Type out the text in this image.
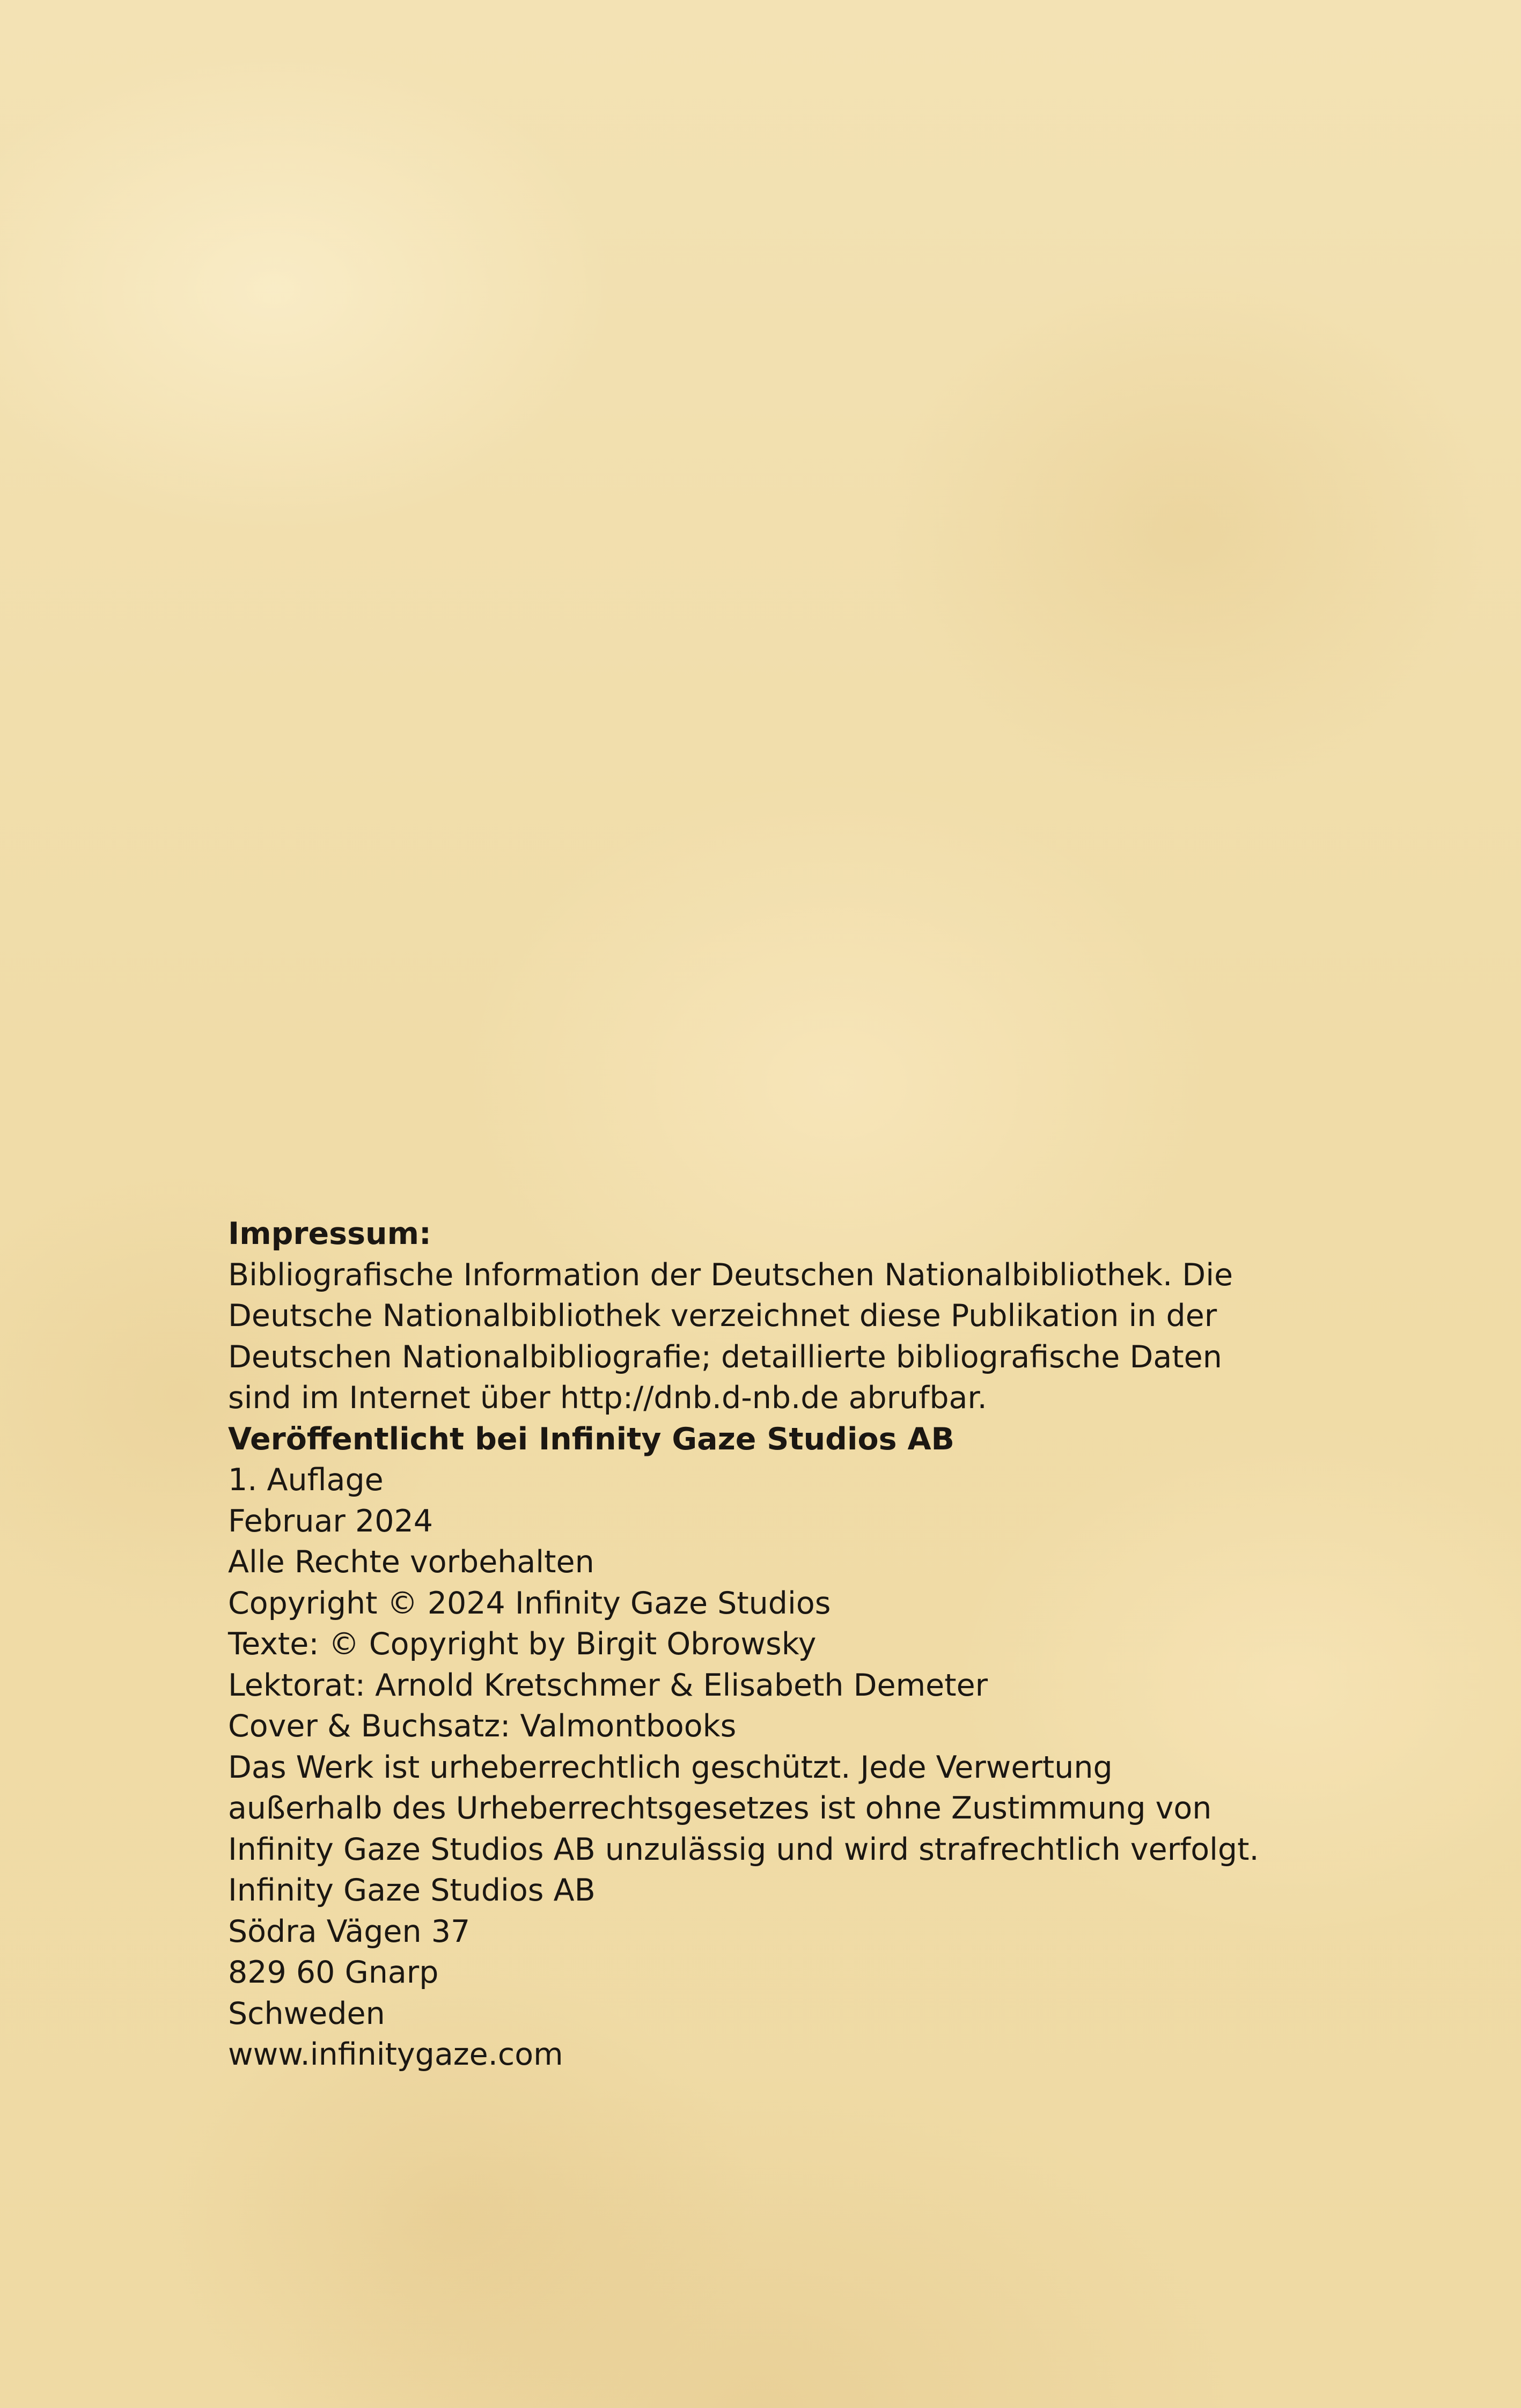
Impressum:
Bibliografische Information der Deutschen Nationalbibliothek. Die
Deutsche Nationalbibliothek verzeichnet diese Publikation in der
Deutschen Nationalbibliografie; detaillierte bibliografische Daten
sind im Internet über http://dnb.d-nb.de abrufbar.
Veröffentlicht bei Infinity Gaze Studios AB
1. Auflage
Februar 2024
Alle Rechte vorbehalten
Copyright © 2024 Infinity Gaze Studios
Texte: © Copyright by Birgit Obrowsky
Lektorat: Arnold Kretschmer & Elisabeth Demeter
Cover & Buchsatz: Valmontbooks
Das Werk ist urheberrechtlich geschützt. Jede Verwertung
außerhalb des Urheberrechtsgesetzes ist ohne Zustimmung von
Infinity Gaze Studios AB unzulässig und wird strafrechtlich verfolgt.
Infinity Gaze Studios AB
Södra Vägen 37
829 60 Gnarp
Schweden
www.infinitygaze.com
